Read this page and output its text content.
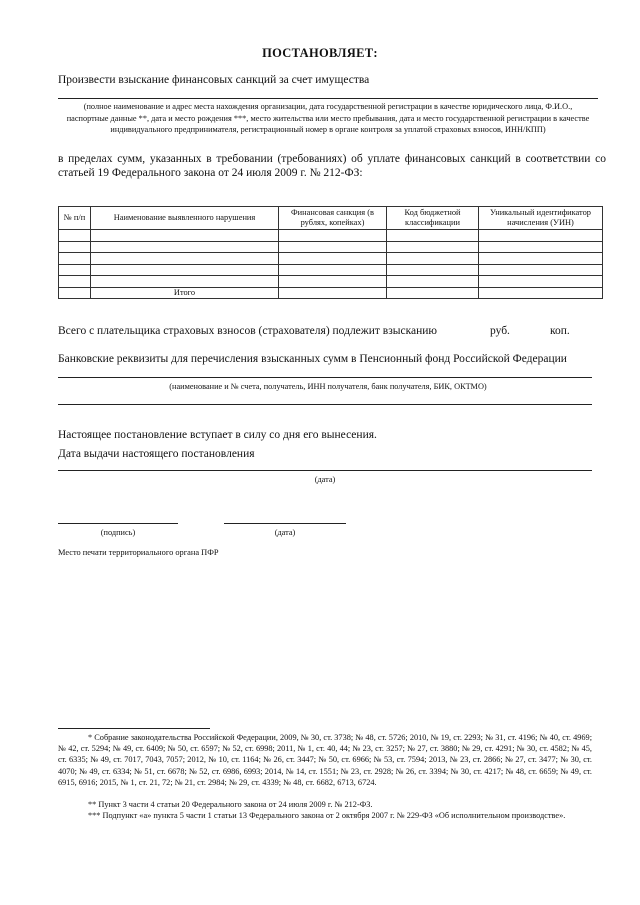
ПОСТАНОВЛЯЕТ:
Произвести взыскание финансовых санкций за счет имущества
(полное наименование и адрес места нахождения организации, дата государственной регистрации в качестве юридического лица, Ф.И.О., паспортные данные **, дата и место рождения ***, место жительства или место пребывания, дата и место государственной регистрации в качестве индивидуального предпринимателя, регистрационный номер в органе контроля за уплатой страховых взносов, ИНН/КПП)
в пределах сумм, указанных в требовании (требованиях) об уплате финансовых санкций в соответствии со статьей 19 Федерального закона от 24 июля 2009 г. № 212-ФЗ:
№ п/п	Наименование выявленного нарушения	Финансовая санкция (в рублях, копейках)	Код бюджетной классификации	Уникальный идентификатор начисления (УИН)

	Итого			
Всего с плательщика страховых взносов (страхователя) подлежит взысканию	руб.	коп.
Банковские реквизиты для перечисления взысканных сумм в Пенсионный фонд Российской Федерации
(наименование и № счета, получатель, ИНН получателя, банк получателя, БИК, ОКТМО)
Настоящее постановление вступает в силу со дня его вынесения.
Дата выдачи настоящего постановления
(дата)
(подпись)	(дата)
Место печати территориального органа ПФР
* Собрание законодательства Российской Федерации, 2009, № 30, ст. 3738; № 48, ст. 5726; 2010, № 19, ст. 2293; № 31, ст. 4196; № 40, ст. 4969; № 42, ст. 5294; № 49, ст. 6409; № 50, ст. 6597; № 52, ст. 6998; 2011, № 1, ст. 40, 44; № 23, ст. 3257; № 27, ст. 3880; № 29, ст. 4291; № 30, ст. 4582; № 45, ст. 6335; № 49, ст. 7017, 7043, 7057; 2012, № 10, ст. 1164; № 26, ст. 3447; № 50, ст. 6966; № 53, ст. 7594; 2013, № 23, ст. 2866; № 27, ст. 3477; № 30, ст. 4070; № 49, ст. 6334; № 51, ст. 6678; № 52, ст. 6986, 6993; 2014, № 14, ст. 1551; № 23, ст. 2928; № 26, ст. 3394; № 30, ст. 4217; № 48, ст. 6659; № 49, ст. 6915, 6916; 2015, № 1, ст. 21, 72; № 21, ст. 2984; № 29, ст. 4339; № 48, ст. 6682, 6713, 6724.
** Пункт 3 части 4 статьи 20 Федерального закона от 24 июля 2009 г. № 212-ФЗ.
*** Подпункт «а» пункта 5 части 1 статьи 13 Федерального закона от 2 октября 2007 г. № 229-ФЗ «Об исполнительном производстве».
